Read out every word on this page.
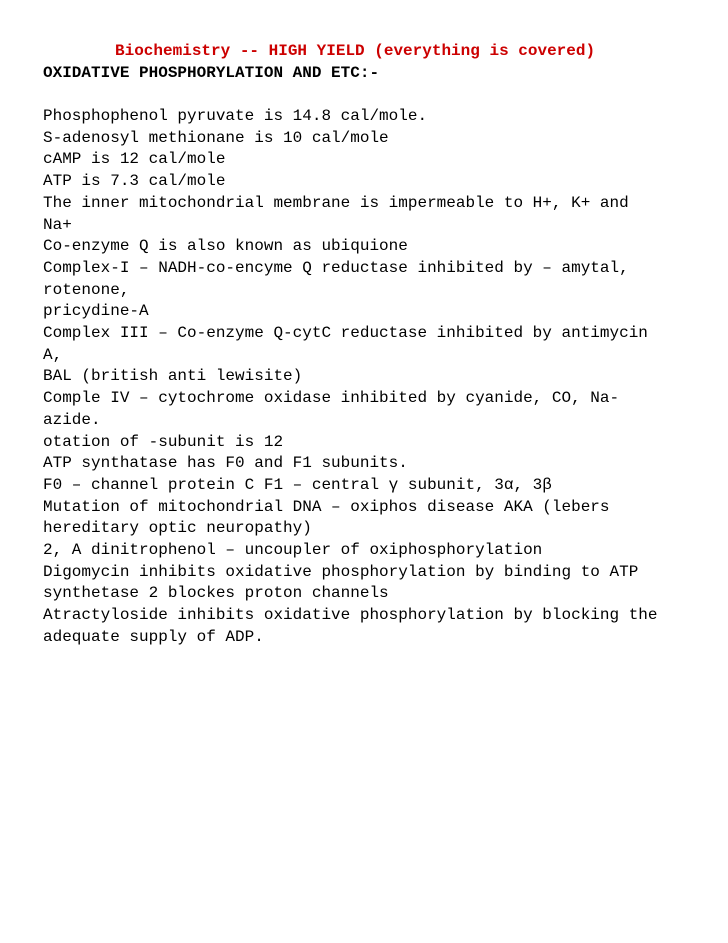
Biochemistry -- HIGH YIELD (everything is covered)
OXIDATIVE PHOSPHORYLATION AND ETC:-
Phosphophenol pyruvate is 14.8 cal/mole.
S-adenosyl methionane is 10 cal/mole
cAMP is 12 cal/mole
ATP is 7.3 cal/mole
The inner mitochondrial membrane is impermeable to H+, K+ and
Na+
Co-enzyme Q is also known as ubiquione
Complex-I – NADH-co-encyme Q reductase inhibited by – amytal,
rotenone,
pricydine-A
Complex III – Co-enzyme Q-cytC reductase inhibited by antimycin
A,
BAL (british anti lewisite)
Comple IV – cytochrome oxidase inhibited by cyanide, CO, Na-
azide.
otation of -subunit is 12
ATP synthatase has F0 and F1 subunits.
F0 – channel protein C F1 – central γ subunit, 3α, 3β
Mutation of mitochondrial DNA – oxiphos disease AKA (lebers
hereditary optic neuropathy)
2, A dinitrophenol – uncoupler of oxiphosphorylation
Digomycin inhibits oxidative phosphorylation by binding to ATP
synthetase 2 blockes proton channels
Atractyloside inhibits oxidative phosphorylation by blocking the
adequate supply of ADP.
